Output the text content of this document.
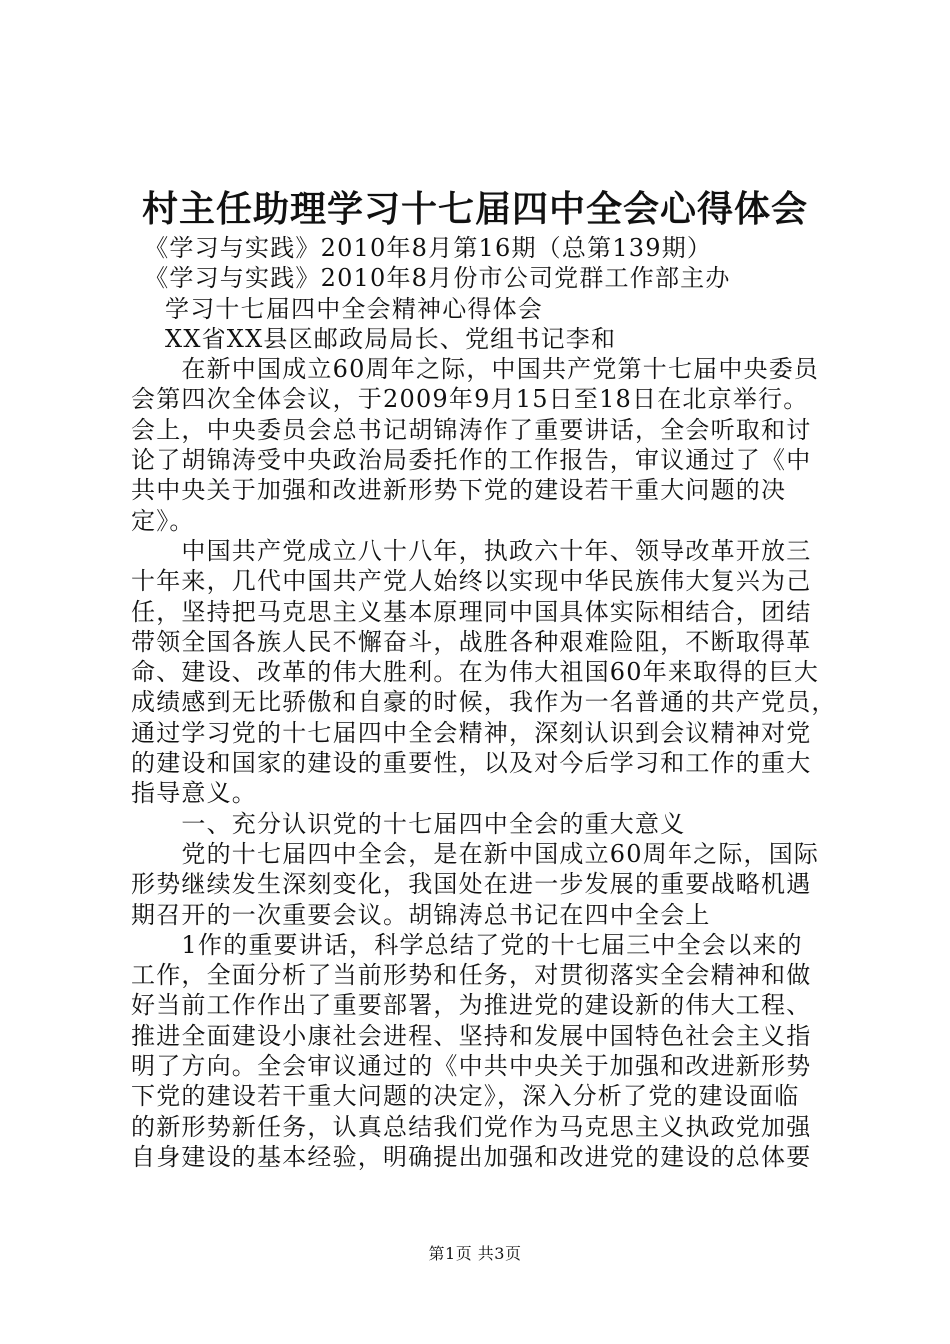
村主任助理学习十七届四中全会心得体会
　《学习与实践》2010年8月第16期（总第139期）
　《学习与实践》2010年8月份市公司党群工作部主办
　 学习十七届四中全会精神心得体会
　 XX省XX县区邮政局局长、党组书记李和
　　在新中国成立60周年之际，中国共产党第十七届中央委员
会第四次全体会议，于2009年9月15日至18日在北京举行。
会上，中央委员会总书记胡锦涛作了重要讲话，全会听取和讨
论了胡锦涛受中央政治局委托作的工作报告，审议通过了《中
共中央关于加强和改进新形势下党的建设若干重大问题的决
定》。
　　中国共产党成立八十八年，执政六十年、领导改革开放三
十年来，几代中国共产党人始终以实现中华民族伟大复兴为己
任，坚持把马克思主义基本原理同中国具体实际相结合，团结
带领全国各族人民不懈奋斗，战胜各种艰难险阻，不断取得革
命、建设、改革的伟大胜利。在为伟大祖国60年来取得的巨大
成绩感到无比骄傲和自豪的时候，我作为一名普通的共产党员，
通过学习党的十七届四中全会精神，深刻认识到会议精神对党
的建设和国家的建设的重要性，以及对今后学习和工作的重大
指导意义。
　　一、充分认识党的十七届四中全会的重大意义
　　党的十七届四中全会，是在新中国成立60周年之际，国际
形势继续发生深刻变化，我国处在进一步发展的重要战略机遇
期召开的一次重要会议。胡锦涛总书记在四中全会上
　　1作的重要讲话，科学总结了党的十七届三中全会以来的
工作，全面分析了当前形势和任务，对贯彻落实全会精神和做
好当前工作作出了重要部署，为推进党的建设新的伟大工程、
推进全面建设小康社会进程、坚持和发展中国特色社会主义指
明了方向。全会审议通过的《中共中央关于加强和改进新形势
下党的建设若干重大问题的决定》，深入分析了党的建设面临
的新形势新任务，认真总结我们党作为马克思主义执政党加强
自身建设的基本经验，明确提出加强和改进党的建设的总体要
第1页 共3页
